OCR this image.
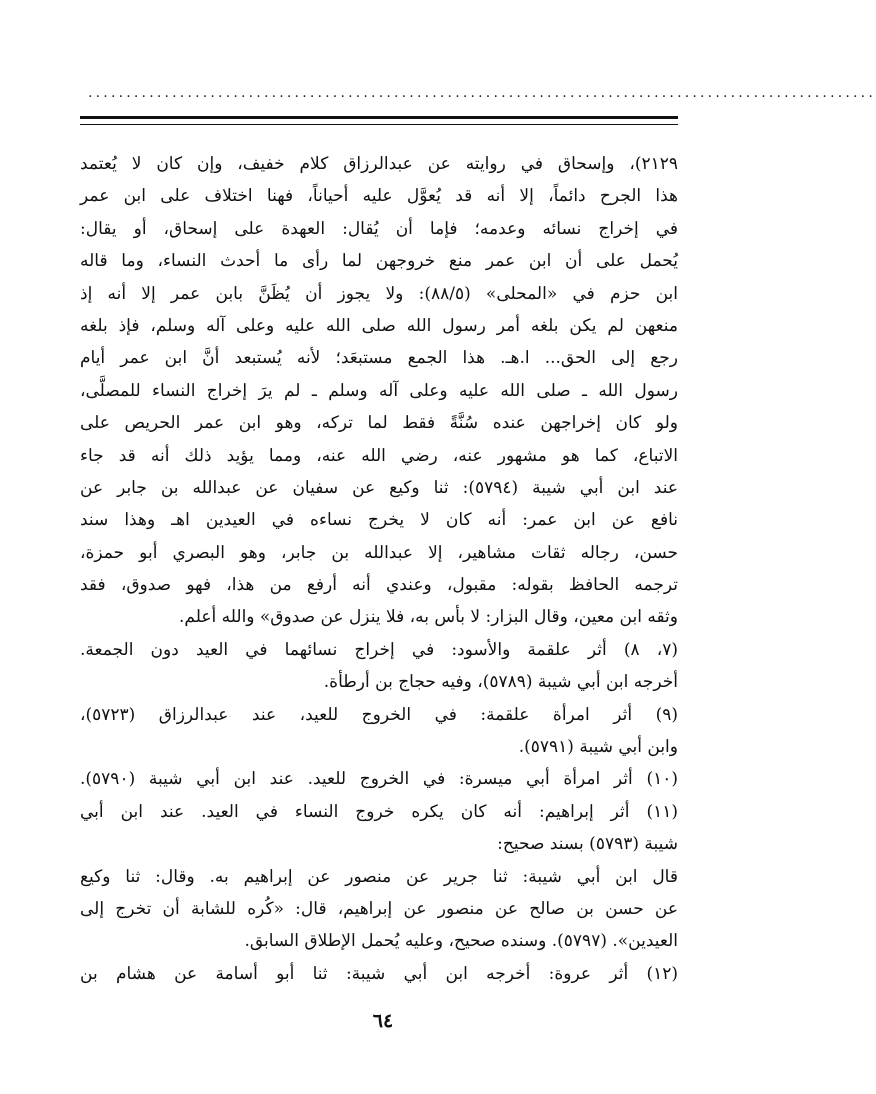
.......................................................................................................
٢١٢٩)، وإسحاق في روايته عن عبدالرزاق كلام خفيف، وإن كان لا يُعتمد
هذا الجرح دائماً، إلا أنه قد يُعوَّل عليه أحياناً، فهنا اختلاف على ابن عمر
في إخراج نسائه وعدمه؛ فإما أن يُقال: العهدة على إسحاق، أو يقال:
يُحمل على أن ابن عمر منع خروجهن لما رأى ما أحدث النساء، وما قاله
ابن حزم في «المحلى» (٨٨/٥): ولا يجوز أن يُظَنَّ بابن عمر إلا أنه إذ
منعهن لم يكن بلغه أمر رسول الله صلى الله عليه وعلى آله وسلم، فإذ بلغه
رجع إلى الحق... ا.هـ. هذا الجمع مستبعَد؛ لأنه يُستبعد أنَّ ابن عمر أيام
رسول الله ـ صلى الله عليه وعلى آله وسلم ـ لم يرَ إخراج النساء للمصلَّى،
ولو كان إخراجهن عنده سُنَّةً فقط لما تركه، وهو ابن عمر الحريص على
الاتباع، كما هو مشهور عنه، رضي الله عنه، ومما يؤيد ذلك أنه قد جاء
عند ابن أبي شيبة (٥٧٩٤): ثنا وكيع عن سفيان عن عبدالله بن جابر عن
نافع عن ابن عمر: أنه كان لا يخرج نساءه في العيدين اهـ وهذا سند
حسن، رجاله ثقات مشاهير، إلا عبدالله بن جابر، وهو البصري أبو حمزة،
ترجمه الحافظ بقوله: مقبول، وعندي أنه أرفع من هذا، فهو صدوق، فقد
وثقه ابن معين، وقال البزار: لا بأس به، فلا ينزل عن صدوق» والله أعلم.
(٧، ٨) أثر علقمة والأسود: في إخراج نسائهما في العيد دون الجمعة.
أخرجه ابن أبي شيبة (٥٧٨٩)، وفيه حجاج بن أرطأة.
(٩) أثر امرأة علقمة: في الخروج للعيد، عند عبدالرزاق (٥٧٢٣)،
وابن أبي شيبة (٥٧٩١).
(١٠) أثر امرأة أبي ميسرة: في الخروج للعيد. عند ابن أبي شيبة (٥٧٩٠).
(١١) أثر إبراهيم: أنه كان يكره خروج النساء في العيد. عند ابن أبي
شيبة (٥٧٩٣) بسند صحيح:
قال ابن أبي شيبة: ثنا جرير عن منصور عن إبراهيم به. وقال: ثنا وكيع
عن حسن بن صالح عن منصور عن إبراهيم، قال: «كُره للشابة أن تخرج إلى
العيدين». (٥٧٩٧). وسنده صحيح، وعليه يُحمل الإطلاق السابق.
(١٢) أثر عروة: أخرجه ابن أبي شيبة: ثنا أبو أسامة عن هشام بن
٦٤
